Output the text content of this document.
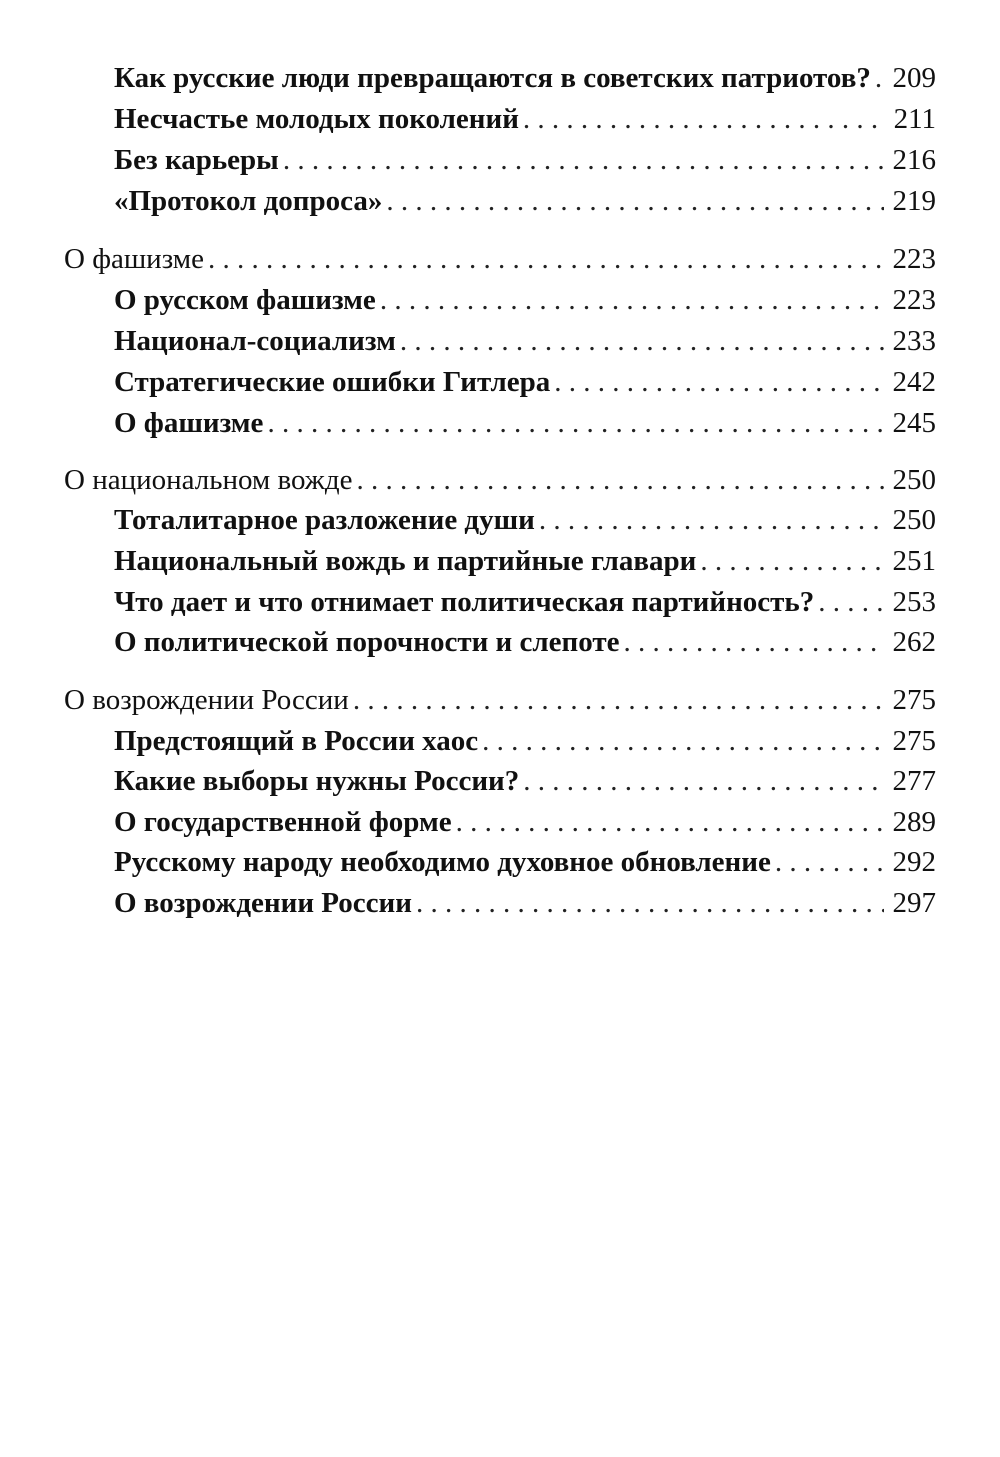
Как русские люди превращаются в советских патриотов? . . . 209
Несчастье молодых поколений . . .	211
Без карьеры . . .	216
«Протокол допроса» . . .	219
О фашизме . . .	223
О русском фашизме . . .	223
Национал-социализм . . .	233
Стратегические ошибки Гитлера . . .	242
О фашизме . . .	245
О национальном вожде . . .	250
Тоталитарное разложение души . . .	250
Национальный вождь и партийные главари . . .	251
Что дает и что отнимает политическая партийность? . . .	253
О политической порочности и слепоте . . .	262
О возрождении России . . .	275
Предстоящий в России хаос . . .	275
Какие выборы нужны России? . . .	277
О государственной форме . . .	289
Русскому народу необходимо духовное обновление . . .	292
О возрождении России . . .	297
